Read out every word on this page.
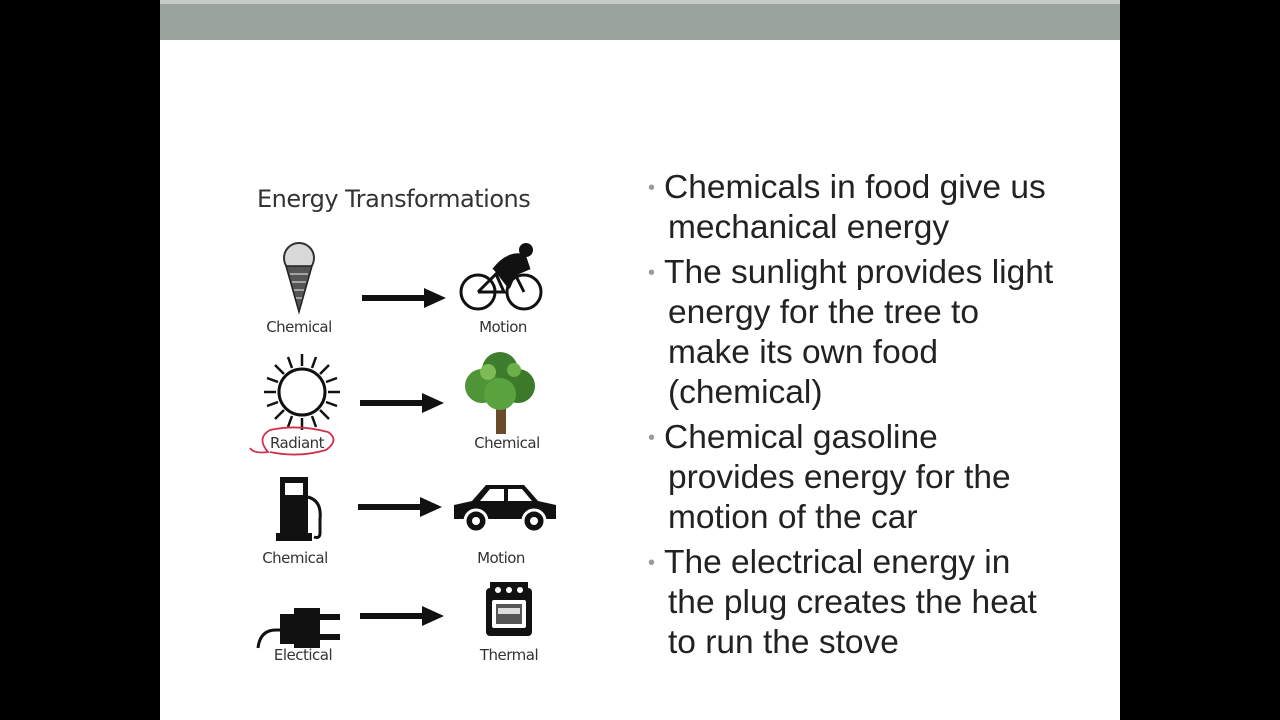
Energy Transformations
Chemical	Motion
Radiant	Chemical
Chemical	Motion
Electical	Thermal
• Chemicals in food give us
mechanical energy
• The sunlight provides light
energy for the tree to
make its own food
(chemical)
• Chemical gasoline
provides energy for the
motion of the car
• The electrical energy in
the plug creates the heat
to run the stove
